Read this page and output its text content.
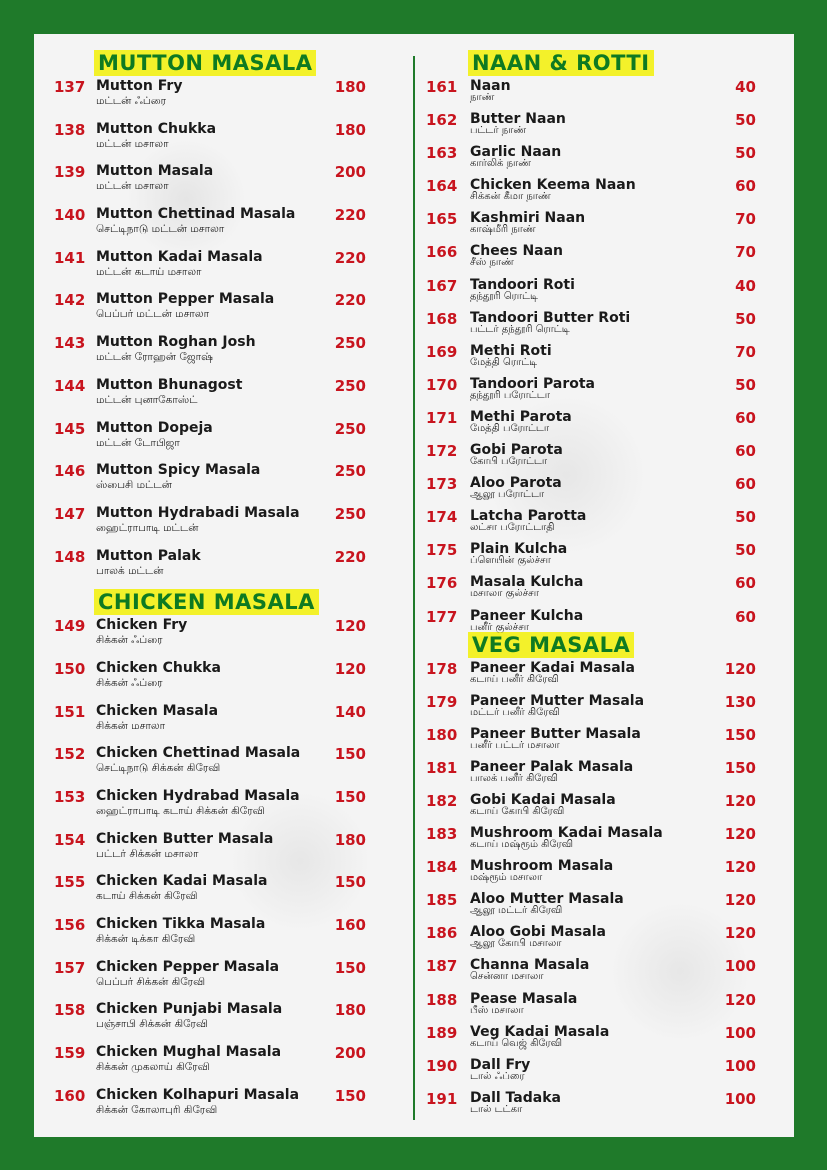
MUTTON MASALA
137 Mutton Fry
மட்டன் ஃப்ரை
180
138 Mutton Chukka
மட்டன் மசாலா
180
139 Mutton Masala
மட்டன் மசாலா
200
140 Mutton Chettinad Masala
செட்டிநாடு மட்டன் மசாலா
220
141 Mutton Kadai Masala
மட்டன் கடாய் மசாலா
220
142 Mutton Pepper Masala
பெப்பர் மட்டன் மசாலா
220
143 Mutton Roghan Josh
மட்டன் ரோஹன் ஜோஷ்
250
144 Mutton Bhunagost
மட்டன் புனாகோஸ்ட்
250
145 Mutton Dopeja
மட்டன் டோபிஜா
250
146 Mutton Spicy Masala
ஸ்பைசி மட்டன்
250
147 Mutton Hydrabadi Masala
ஹைட்ராபாடி மட்டன்
250
148 Mutton Palak
பாலக் மட்டன்
220
CHICKEN MASALA
149 Chicken Fry
சிக்கன் ஃப்ரை
120
150 Chicken Chukka
சிக்கன் ஃப்ரை
120
151 Chicken Masala
சிக்கன் மசாலா
140
152 Chicken Chettinad Masala
செட்டிநாடு சிக்கன் கிரேவி
150
153 Chicken Hydrabad Masala
ஹைட்ராபாடி கடாய் சிக்கன் கிரேவி
150
154 Chicken Butter Masala
பட்டர் சிக்கன் மசாலா
180
155 Chicken Kadai Masala
கடாய் சிக்கன் கிரேவி
150
156 Chicken Tikka Masala
சிக்கன் டிக்கா கிரேவி
160
157 Chicken Pepper Masala
பெப்பர் சிக்கன் கிரேவி
150
158 Chicken Punjabi Masala
பஞ்சாபி சிக்கன் கிரேவி
180
159 Chicken Mughal Masala
சிக்கன் முகலாய் கிரேவி
200
160 Chicken Kolhapuri Masala
சிக்கன் கோலாபுரி கிரேவி
150
NAAN & ROTTI
161 Naan
நாண்
40
162 Butter Naan
பட்டர் நாண்
50
163 Garlic Naan
கார்லிக் நாண்
50
164 Chicken Keema Naan
சிக்கன் கீமா நாண்
60
165 Kashmiri Naan
காஷ்மீரி நாண்
70
166 Chees Naan
சீஸ் நாண்
70
167 Tandoori Roti
தந்தூரி ரொட்டி
40
168 Tandoori Butter Roti
பட்டர் தந்தூரி ரொட்டி
50
169 Methi Roti
மேத்தி ரொட்டி
70
170 Tandoori Parota
தந்தூரி பரோட்டா
50
171 Methi Parota
மேத்தி பரோட்டா
60
172 Gobi Parota
கோபி பரோட்டா
60
173 Aloo Parota
ஆலூ பரோட்டா
60
174 Latcha Parotta
லட்சா பரோட்டாதி
50
175 Plain Kulcha
ப்ளெயின் குல்ச்சா
50
176 Masala Kulcha
மசாலா குல்ச்சா
60
177 Paneer Kulcha
பனீர் குல்ச்சா
60
VEG MASALA
178 Paneer Kadai Masala
கடாய் பனீர் கிரேவி
120
179 Paneer Mutter Masala
மட்டர் பனீர் கிரேவி
130
180 Paneer Butter Masala
பனீர் பட்டர் மசாலா
150
181 Paneer Palak Masala
பாலக் பனீர் கிரேவி
150
182 Gobi Kadai Masala
கடாய் கோபி கிரேவி
120
183 Mushroom Kadai Masala
கடாய் மஷ்ரூம் கிரேவி
120
184 Mushroom Masala
மஷ்ரூம் மசாலா
120
185 Aloo Mutter Masala
ஆலூ மட்டர் கிரேவி
120
186 Aloo Gobi Masala
ஆலூ கோபி மசாலா
120
187 Channa Masala
சென்னா மசாலா
100
188 Pease Masala
பீஸ் மசாலா
120
189 Veg Kadai Masala
கடாய் வெஜ் கிரேவி
100
190 Dall Fry
டால் ஃப்ரை
100
191 Dall Tadaka
டால் டட்கா
100
